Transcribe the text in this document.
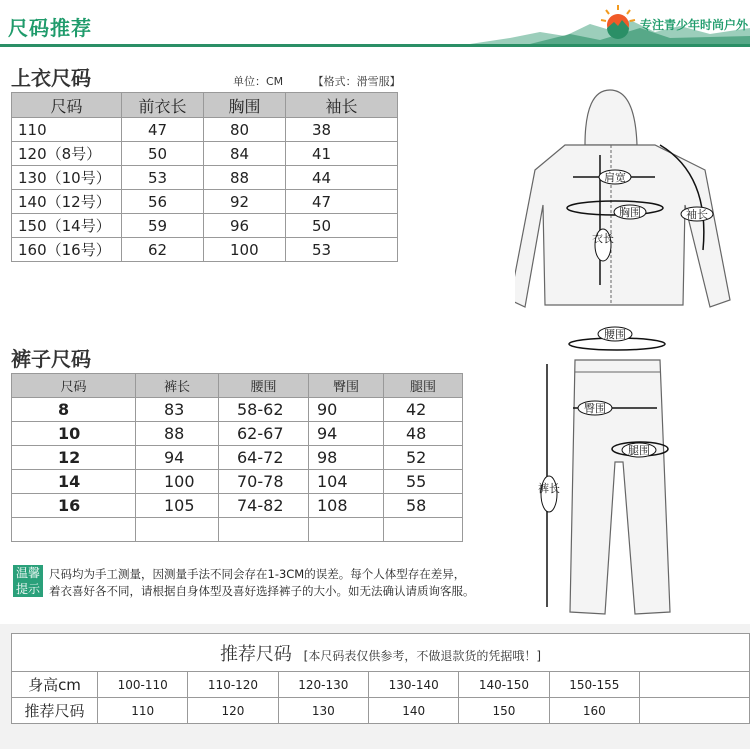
尺码推荐	专注青少年时尚户外
上衣尺码	单位：CM	【格式：滑雪服】
尺码	前衣长	胸围	袖长
110	47	80	38
120（8号）	50	84	41
130（10号）	53	88	44
140（12号）	56	92	47
150（14号）	59	96	50
160（16号）	62	100	53
肩宽
胸围
衣长
袖长
裤子尺码
尺码	裤长	腰围	臀围	腿围
8	83	58-62	90	42
10	88	62-67	94	48
12	94	64-72	98	52
14	100	70-78	104	55
16	105	74-82	108	58

腰围
臀围
腿围
裤长
温馨
提示
尺码均为手工测量，因测量手法不同会存在1-3CM的误差。每个人体型存在差异，
着衣喜好各不同，请根据自身体型及喜好选择裤子的大小。如无法确认请质询客服。
推荐尺码 [本尺码表仅供参考，不做退款货的凭据哦！]							
身高cm	100-110	110-120	120-130	130-140	140-150	150-155	
推荐尺码	110	120	130	140	150	160	
